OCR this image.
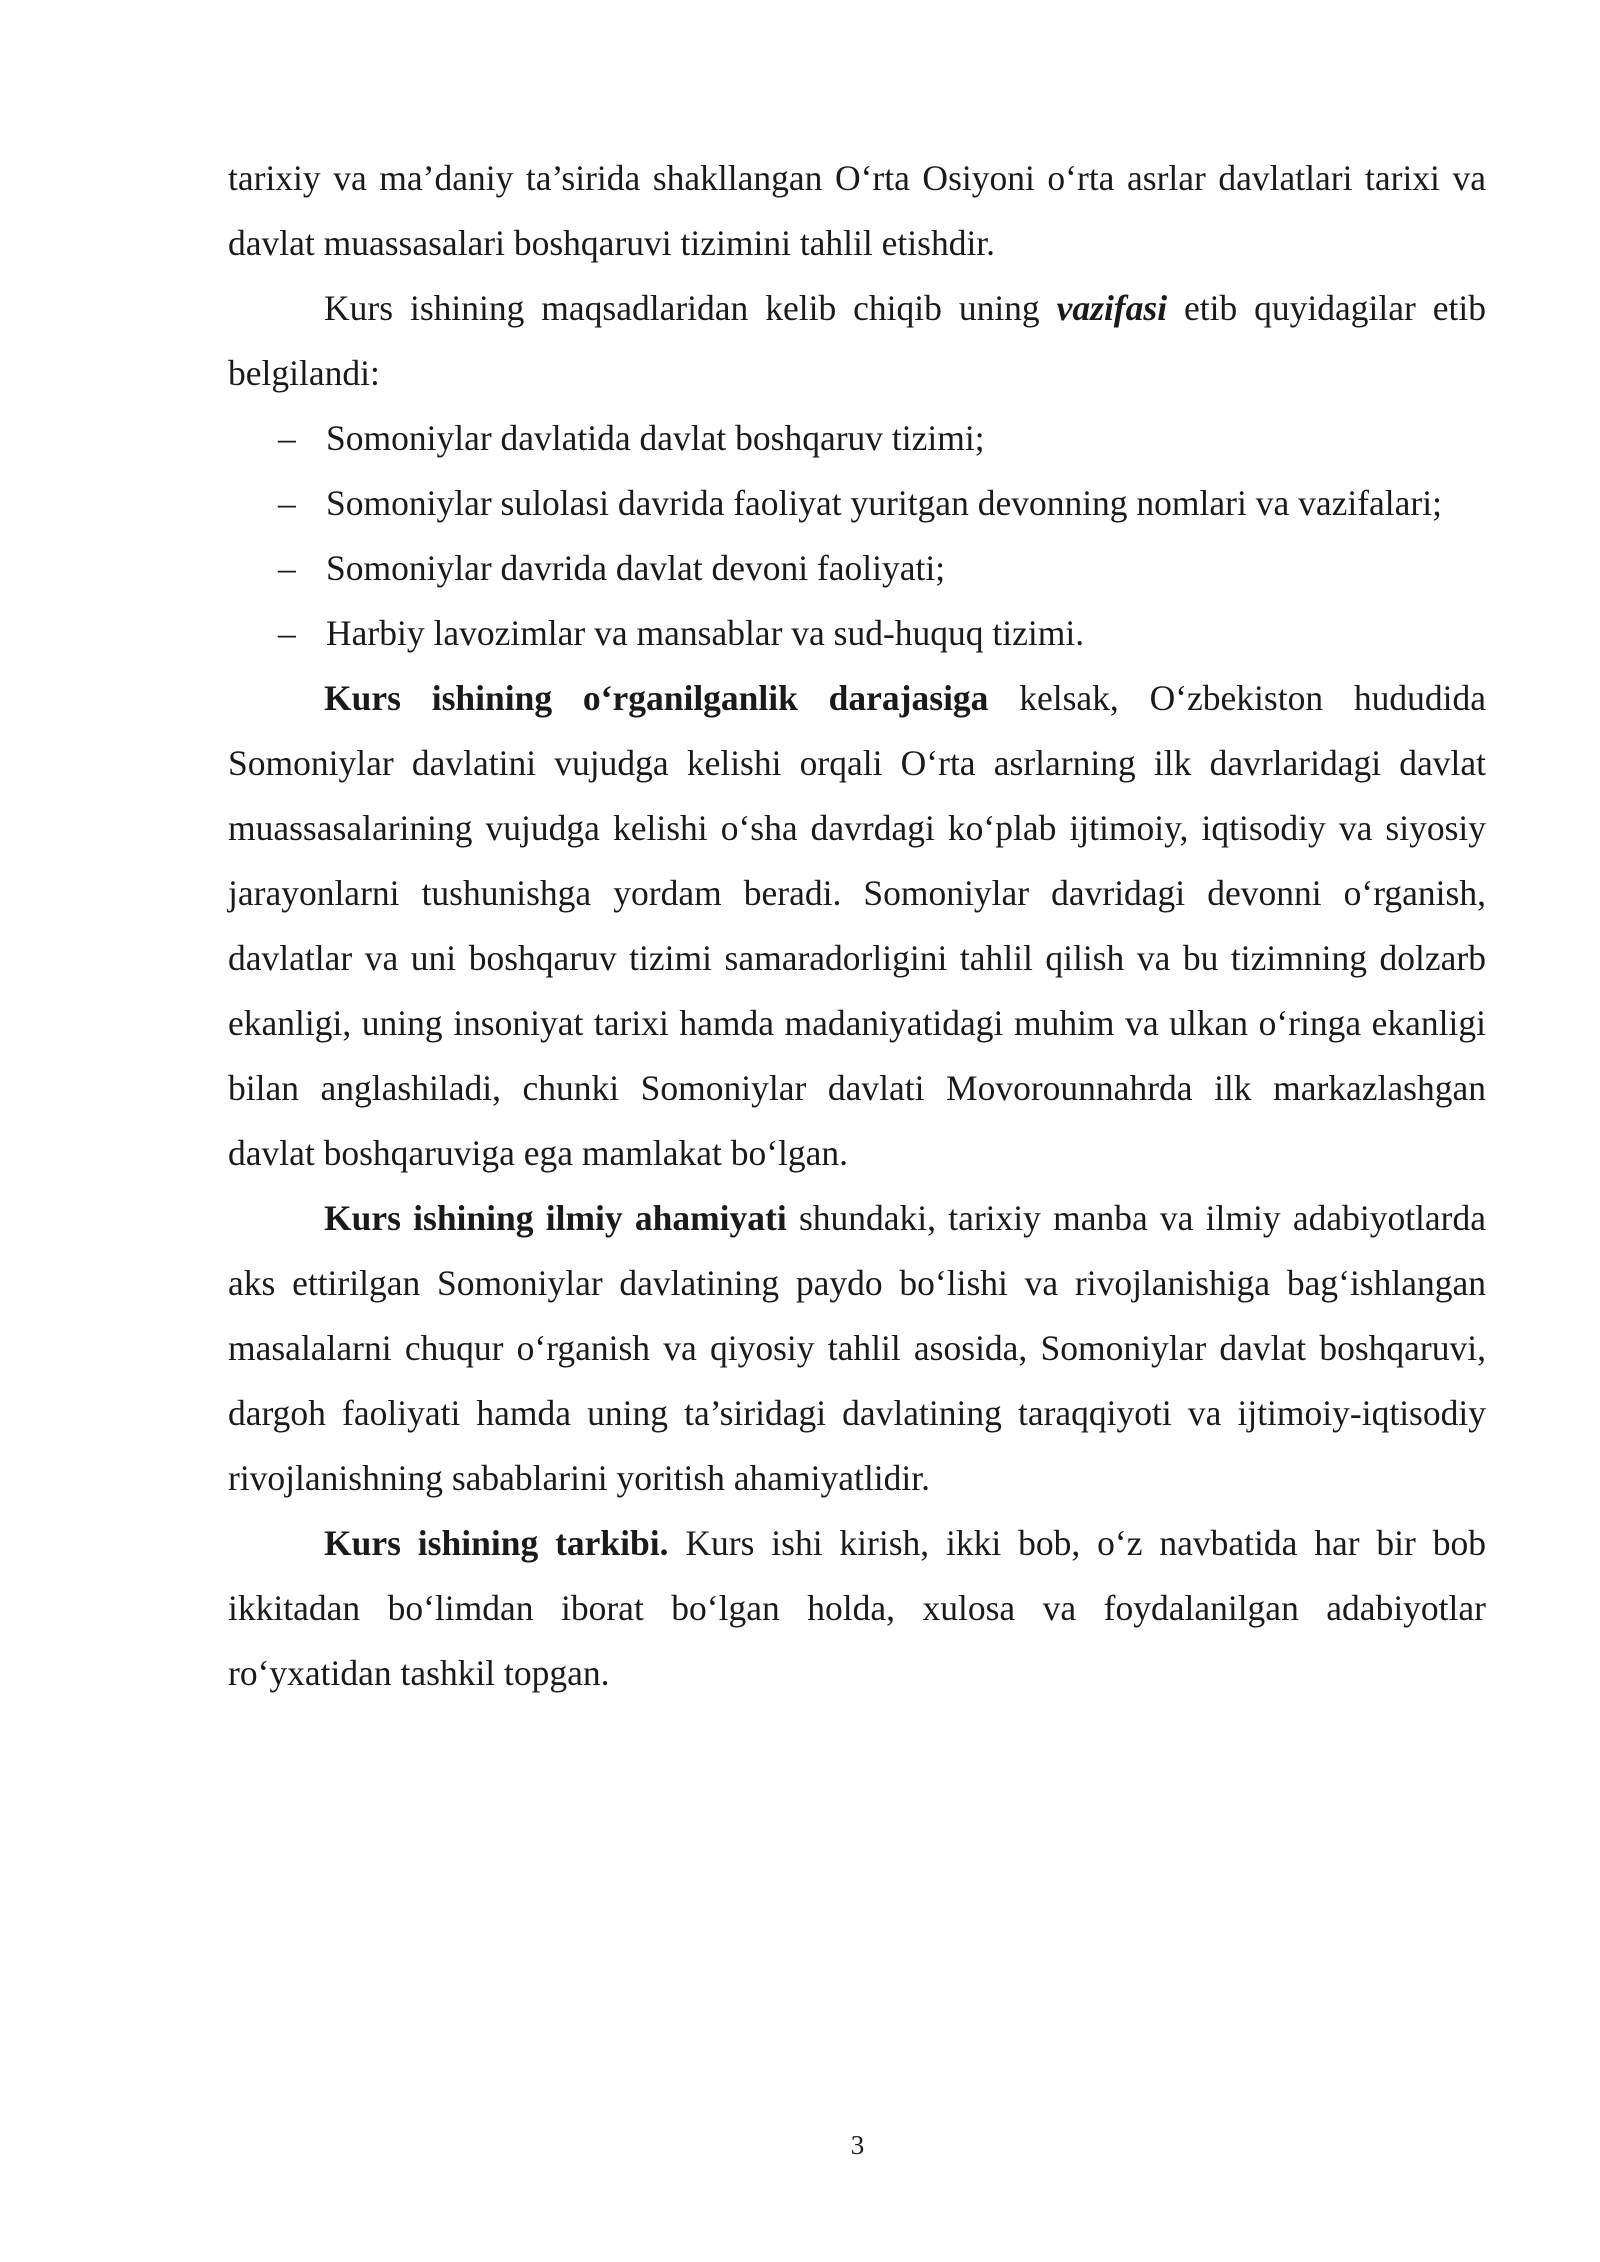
tarixiy va ma’daniy ta’sirida shakllangan O‘rta Osiyoni o‘rta asrlar davlatlari tarixi va davlat muassasalari boshqaruvi tizimini tahlil etishdir.

Kurs ishining maqsadlaridan kelib chiqib uning vazifasi etib quyidagilar etib belgilandi:

– Somoniylar davlatida davlat boshqaruv tizimi;
– Somoniylar sulolasi davrida faoliyat yuritgan devonning nomlari va vazifalari;
– Somoniylar davrida davlat devoni faoliyati;
– Harbiy lavozimlar va mansablar va sud-huquq tizimi.

Kurs ishining o‘rganilganlik darajasiga kelsak, O‘zbekiston hududida Somoniylar davlatini vujudga kelishi orqali O‘rta asrlarning ilk davrlaridagi davlat muassasalarining vujudga kelishi o‘sha davrdagi ko‘plab ijtimoiy, iqtisodiy va siyosiy jarayonlarni tushunishga yordam beradi. Somoniylar davridagi devonni o‘rganish, davlatlar va uni boshqaruv tizimi samaradorligini tahlil qilish va bu tizimning dolzarb ekanligi, uning insoniyat tarixi hamda madaniyatidagi muhim va ulkan o‘ringa ekanligi bilan anglashiladi, chunki Somoniylar davlati Movorounnahrda ilk markazlashgan davlat boshqaruviga ega mamlakat bo‘lgan.

Kurs ishining ilmiy ahamiyati shundaki, tarixiy manba va ilmiy adabiyotlarda aks ettirilgan Somoniylar davlatining paydo bo‘lishi va rivojlanishiga bag‘ishlangan masalalarni chuqur o‘rganish va qiyosiy tahlil asosida, Somoniylar davlat boshqaruvi, dargoh faoliyati hamda uning ta’siridagi davlatining taraqqiyoti va ijtimoiy-iqtisodiy rivojlanishning sabablarini yoritish ahamiyatlidir.

Kurs ishining tarkibi. Kurs ishi kirish, ikki bob, o‘z navbatida har bir bob ikkitadan bo‘limdan iborat bo‘lgan holda, xulosa va foydalanilgan adabiyotlar ro‘yxatidan tashkil topgan.

3
